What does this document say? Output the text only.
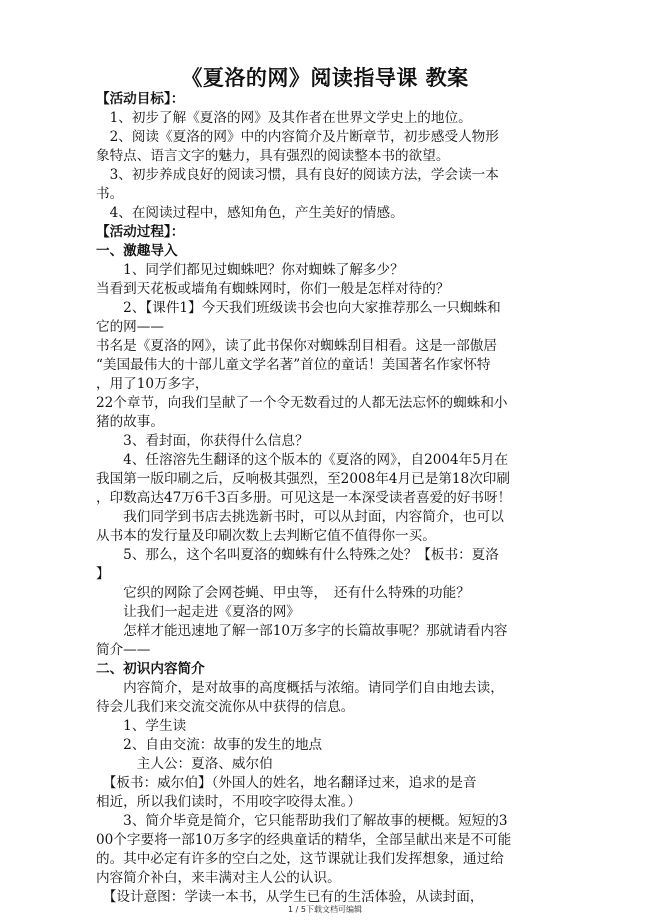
《夏洛的网》阅读指导课 教案
【活动目标】：
　1、初步了解《夏洛的网》及其作者在世界文学史上的地位。
　2、阅读《夏洛的网》中的内容简介及片断章节，初步感受人物形
象特点、语言文字的魅力，具有强烈的阅读整本书的欲望。
　3、初步养成良好的阅读习惯，具有良好的阅读方法，学会读一本
书。
　4、在阅读过程中，感知角色，产生美好的情感。
【活动过程】：
一、激趣导入
　　1、同学们都见过蜘蛛吧？你对蜘蛛了解多少？
当看到天花板或墙角有蜘蛛网时，你们一般是怎样对待的？
　　2、【课件1】今天我们班级读书会也向大家推荐那么一只蜘蛛和
它的网——
书名是《夏洛的网》，读了此书保你对蜘蛛刮目相看。这是一部傲居
“美国最伟大的十部儿童文学名著”首位的童话！美国著名作家怀特
，用了10万多字，
22个章节，向我们呈献了一个令无数看过的人都无法忘怀的蜘蛛和小
猪的故事。
　　3、看封面，你获得什么信息？
　　4、任溶溶先生翻译的这个版本的《夏洛的网》，自2004年5月在
我国第一版印刷之后，反响极其强烈，至2008年4月已是第18次印刷
，印数高达47万6千3百多册。可见这是一本深受读者喜爱的好书呀！
　　我们同学到书店去挑选新书时，可以从封面，内容简介，也可以
从书本的发行量及印刷次数上去判断它值不值得你一买。
　　5、那么，这个名叫夏洛的蜘蛛有什么特殊之处？【板书：夏洛
】
　　它织的网除了会网苍蝇、甲虫等，　还有什么特殊的功能？
　　让我们一起走进《夏洛的网》
　　怎样才能迅速地了解一部10万多字的长篇故事呢？那就请看内容
简介——
二、初识内容简介
　　内容简介，是对故事的高度概括与浓缩。请同学们自由地去读，
待会儿我们来交流交流你从中获得的信息。
　　1、学生读
　　2、自由交流：故事的发生的地点
　　　主人公：夏洛、威尔伯
　【板书：威尔伯】（外国人的姓名，地名翻译过来，追求的是音
相近，所以我们读时，不用咬字咬得太准。）
　　3、简介毕竟是简介，它只能帮助我们了解故事的梗概。短短的3
00个字要将一部10万多字的经典童话的精华，全部呈献出来是不可能
的。其中必定有许多的空白之处，这节课就让我们发挥想象，通过给
内容简介补白，来丰满对主人公的认识。
　【设计意图：学读一本书，从学生已有的生活体验，从读封面，
1 / 5下载文档可编辑
